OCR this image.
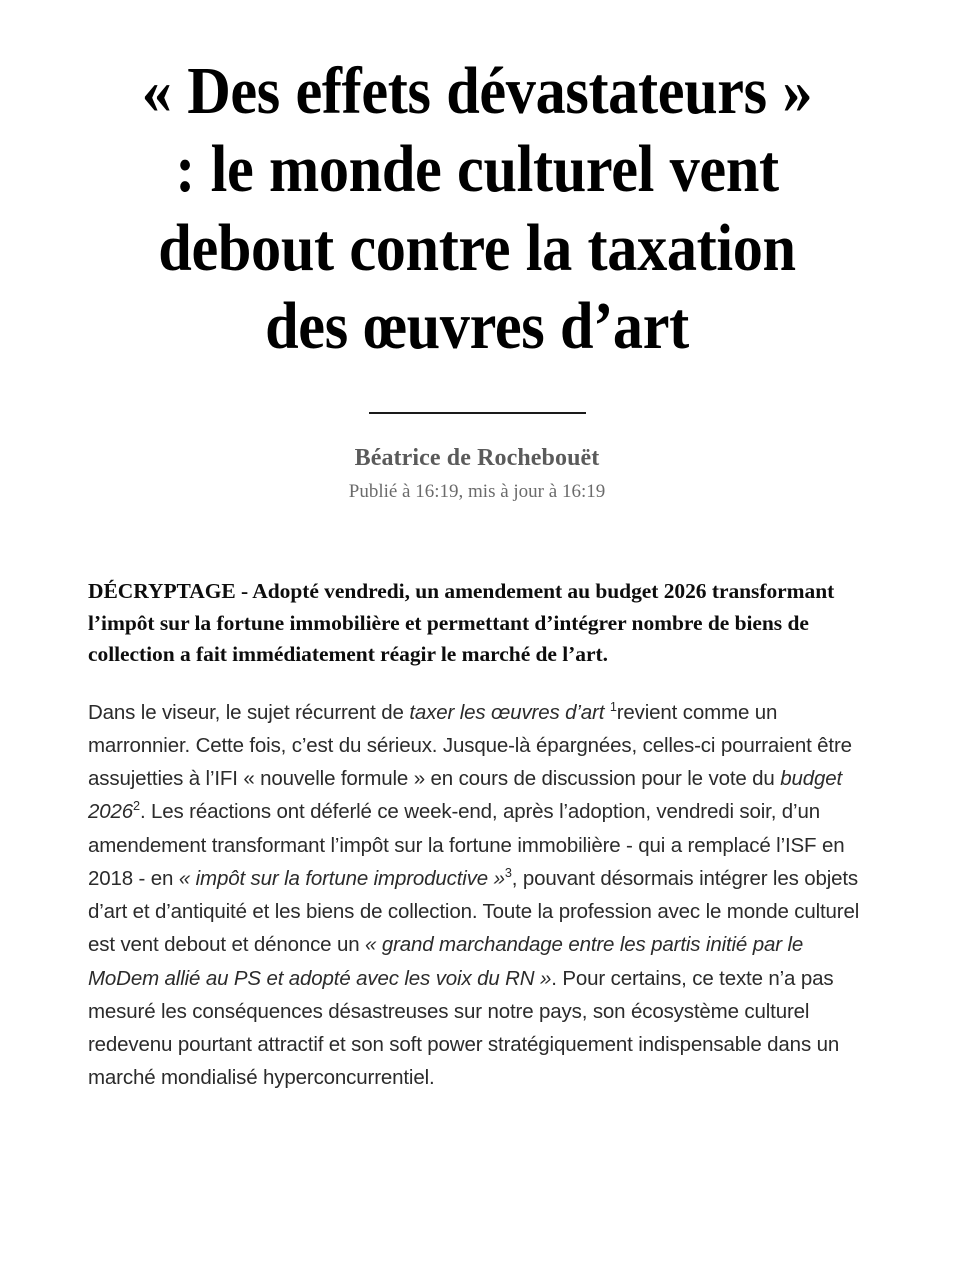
« Des effets dévastateurs » : le monde culturel vent debout contre la taxation des œuvres d’art
Béatrice de Rochebouët
Publié à 16:19, mis à jour à 16:19

DÉCRYPTAGE - Adopté vendredi, un amendement au budget 2026 transformant l’impôt sur la fortune immobilière et permettant d’intégrer nombre de biens de collection a fait immédiatement réagir le marché de l’art.

Dans le viseur, le sujet récurrent de taxer les œuvres d’art $^1$revient comme un marronnier. Cette fois, c’est du sérieux. Jusque-là épargnées, celles-ci pourraient être assujetties à l’IFI « nouvelle formule » en cours de discussion pour le vote du budget 2026$^2$. Les réactions ont déferlé ce week-end, après l’adoption, vendredi soir, d’un amendement transformant l’impôt sur la fortune immobilière - qui a remplacé l’ISF en 2018 - en « impôt sur la fortune improductive »$^3$, pouvant désormais intégrer les objets d’art et d’antiquité et les biens de collection. Toute la profession avec le monde culturel est vent debout et dénonce un « grand marchandage entre les partis initié par le MoDem allié au PS et adopté avec les voix du RN ». Pour certains, ce texte n’a pas mesuré les conséquences désastreuses sur notre pays, son écosystème culturel redevenu pourtant attractif et son soft power stratégiquement indispensable dans un marché mondialisé hyperconcurrentiel.
